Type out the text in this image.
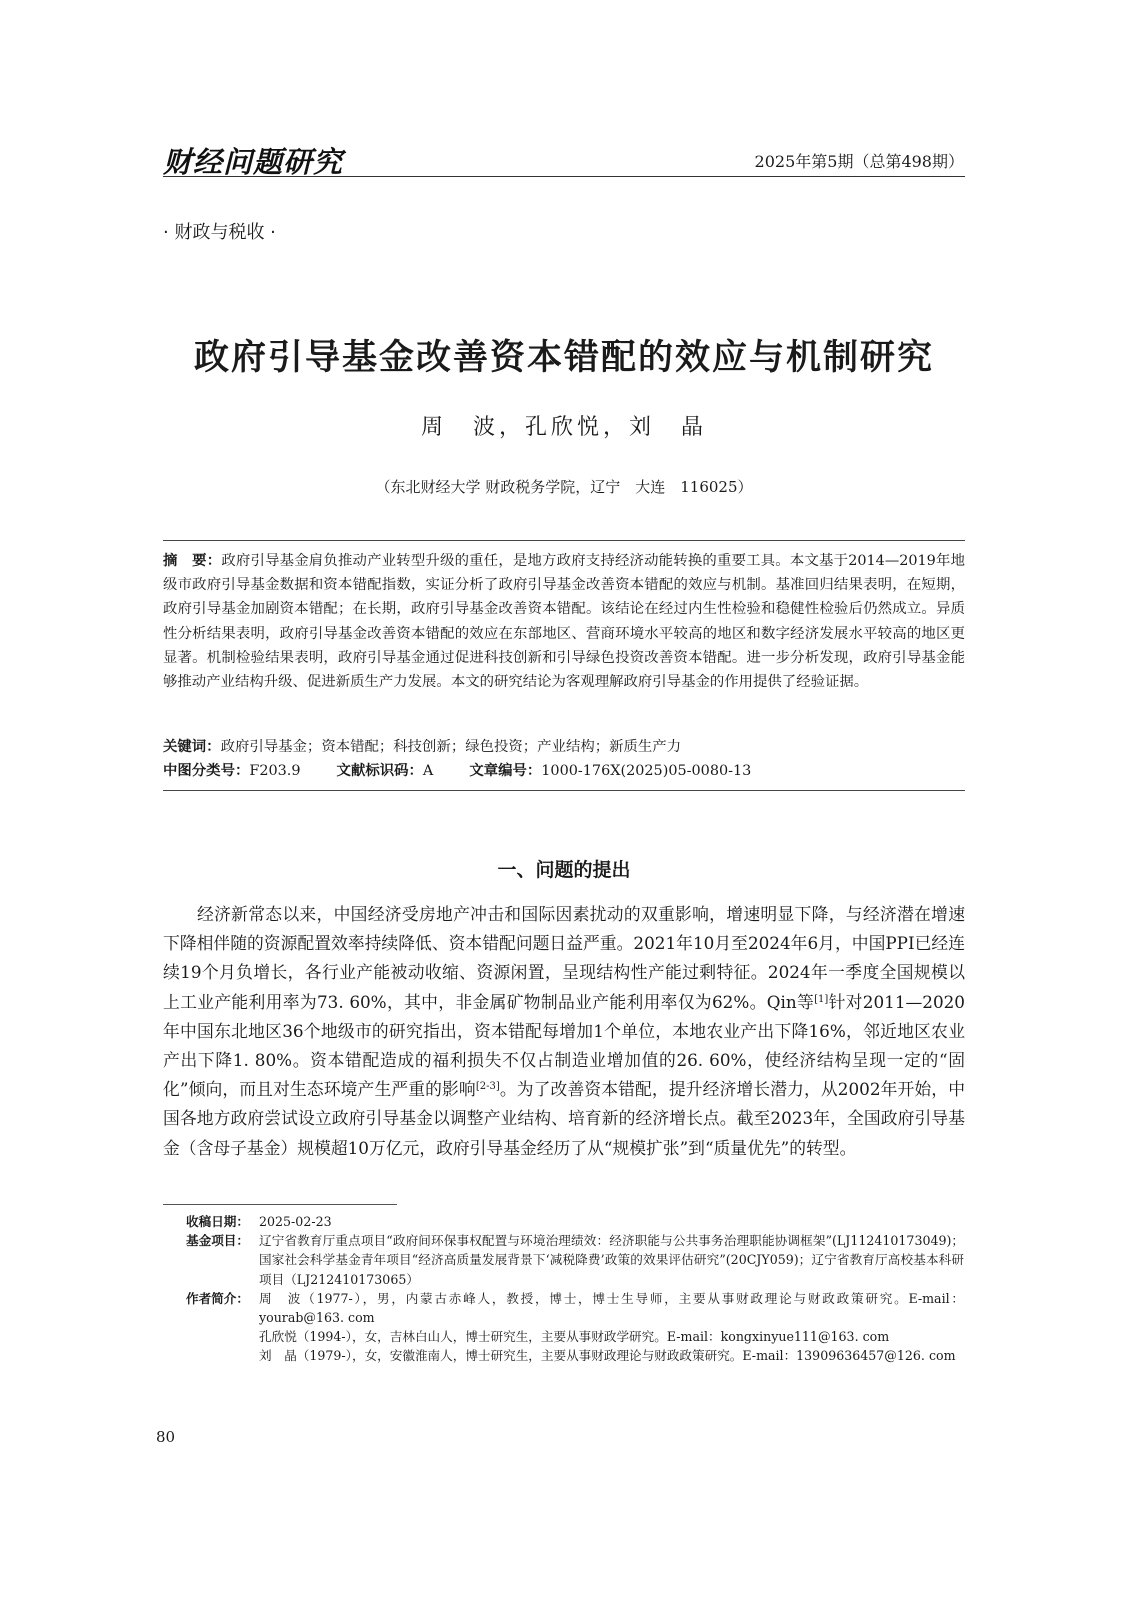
财经问题研究	2025年第5期（总第498期）
· 财政与税收 ·
政府引导基金改善资本错配的效应与机制研究
周　波，孔欣悦，刘　晶
（东北财经大学 财政税务学院，辽宁　大连　116025）
摘　要：政府引导基金肩负推动产业转型升级的重任，是地方政府支持经济动能转换的重要工具。本文基于2014—2019年地级市政府引导基金数据和资本错配指数，实证分析了政府引导基金改善资本错配的效应与机制。基准回归结果表明，在短期，政府引导基金加剧资本错配；在长期，政府引导基金改善资本错配。该结论在经过内生性检验和稳健性检验后仍然成立。异质性分析结果表明，政府引导基金改善资本错配的效应在东部地区、营商环境水平较高的地区和数字经济发展水平较高的地区更显著。机制检验结果表明，政府引导基金通过促进科技创新和引导绿色投资改善资本错配。进一步分析发现，政府引导基金能够推动产业结构升级、促进新质生产力发展。本文的研究结论为客观理解政府引导基金的作用提供了经验证据。
关键词：政府引导基金；资本错配；科技创新；绿色投资；产业结构；新质生产力
中图分类号：F203.9	文献标识码：A	文章编号：1000-176X(2025)05-0080-13
一、问题的提出
经济新常态以来，中国经济受房地产冲击和国际因素扰动的双重影响，增速明显下降，与经济潜在增速下降相伴随的资源配置效率持续降低、资本错配问题日益严重。2021年10月至2024年6月，中国PPI已经连续19个月负增长，各行业产能被动收缩、资源闲置，呈现结构性产能过剩特征。2024年一季度全国规模以上工业产能利用率为73. 60%，其中，非金属矿物制品业产能利用率仅为62%。Qin等[1]针对2011—2020年中国东北地区36个地级市的研究指出，资本错配每增加1个单位，本地农业产出下降16%，邻近地区农业产出下降1. 80%。资本错配造成的福利损失不仅占制造业增加值的26. 60%，使经济结构呈现一定的“固化”倾向，而且对生态环境产生严重的影响[2-3]。为了改善资本错配，提升经济增长潜力，从2002年开始，中国各地方政府尝试设立政府引导基金以调整产业结构、培育新的经济增长点。截至2023年，全国政府引导基金（含母子基金）规模超10万亿元，政府引导基金经历了从“规模扩张”到“质量优先”的转型。
收稿日期： 2025-02-23
基金项目： 辽宁省教育厅重点项目“政府间环保事权配置与环境治理绩效：经济职能与公共事务治理职能协调框架”(LJ112410173049)；国家社会科学基金青年项目“经济高质量发展背景下‘减税降费’政策的效果评估研究”(20CJY059)；辽宁省教育厅高校基本科研项目（LJ212410173065）
作者简介： 周　波（1977-），男，内蒙古赤峰人，教授，博士，博士生导师，主要从事财政理论与财政政策研究。E-mail：yourab@163. com

孔欣悦（1994-），女，吉林白山人，博士研究生，主要从事财政学研究。E-mail：kongxinyue111@163. com

刘　晶（1979-），女，安徽淮南人，博士研究生，主要从事财政理论与财政政策研究。E-mail：13909636457@126. com

80
